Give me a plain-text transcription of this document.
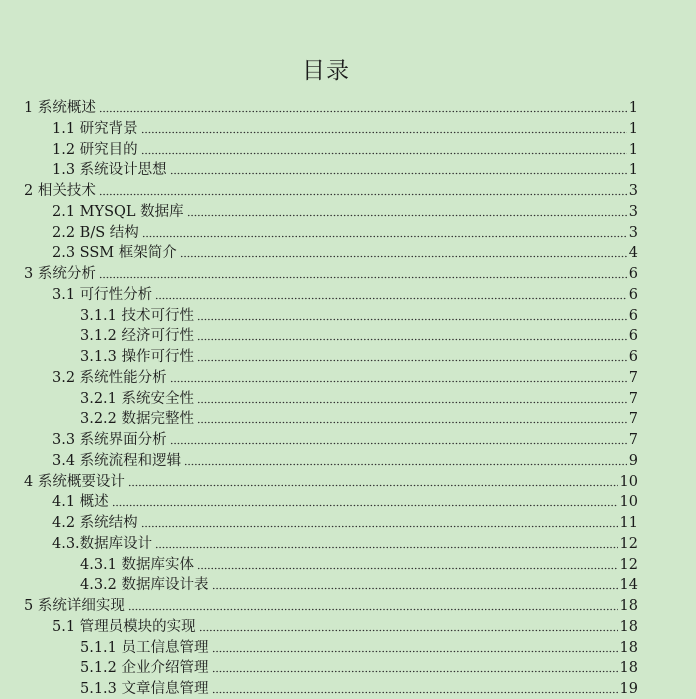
目录
1 系统概述	1
1.1 研究背景	1
1.2 研究目的	1
1.3 系统设计思想	1
2 相关技术	3
2.1 MYSQL 数据库	3
2.2 B/S 结构	3
2.3 SSM 框架简介	4
3 系统分析	6
3.1 可行性分析	6
3.1.1 技术可行性	6
3.1.2 经济可行性	6
3.1.3 操作可行性	6
3.2 系统性能分析	7
3.2.1 系统安全性	7
3.2.2 数据完整性	7
3.3 系统界面分析	7
3.4 系统流程和逻辑	9
4 系统概要设计	10
4.1 概述	10
4.2 系统结构	11
4.3.数据库设计	12
4.3.1 数据库实体	12
4.3.2 数据库设计表	14
5 系统详细实现	18
5.1 管理员模块的实现	18
5.1.1 员工信息管理	18
5.1.2 企业介绍管理	18
5.1.3 文章信息管理	19
